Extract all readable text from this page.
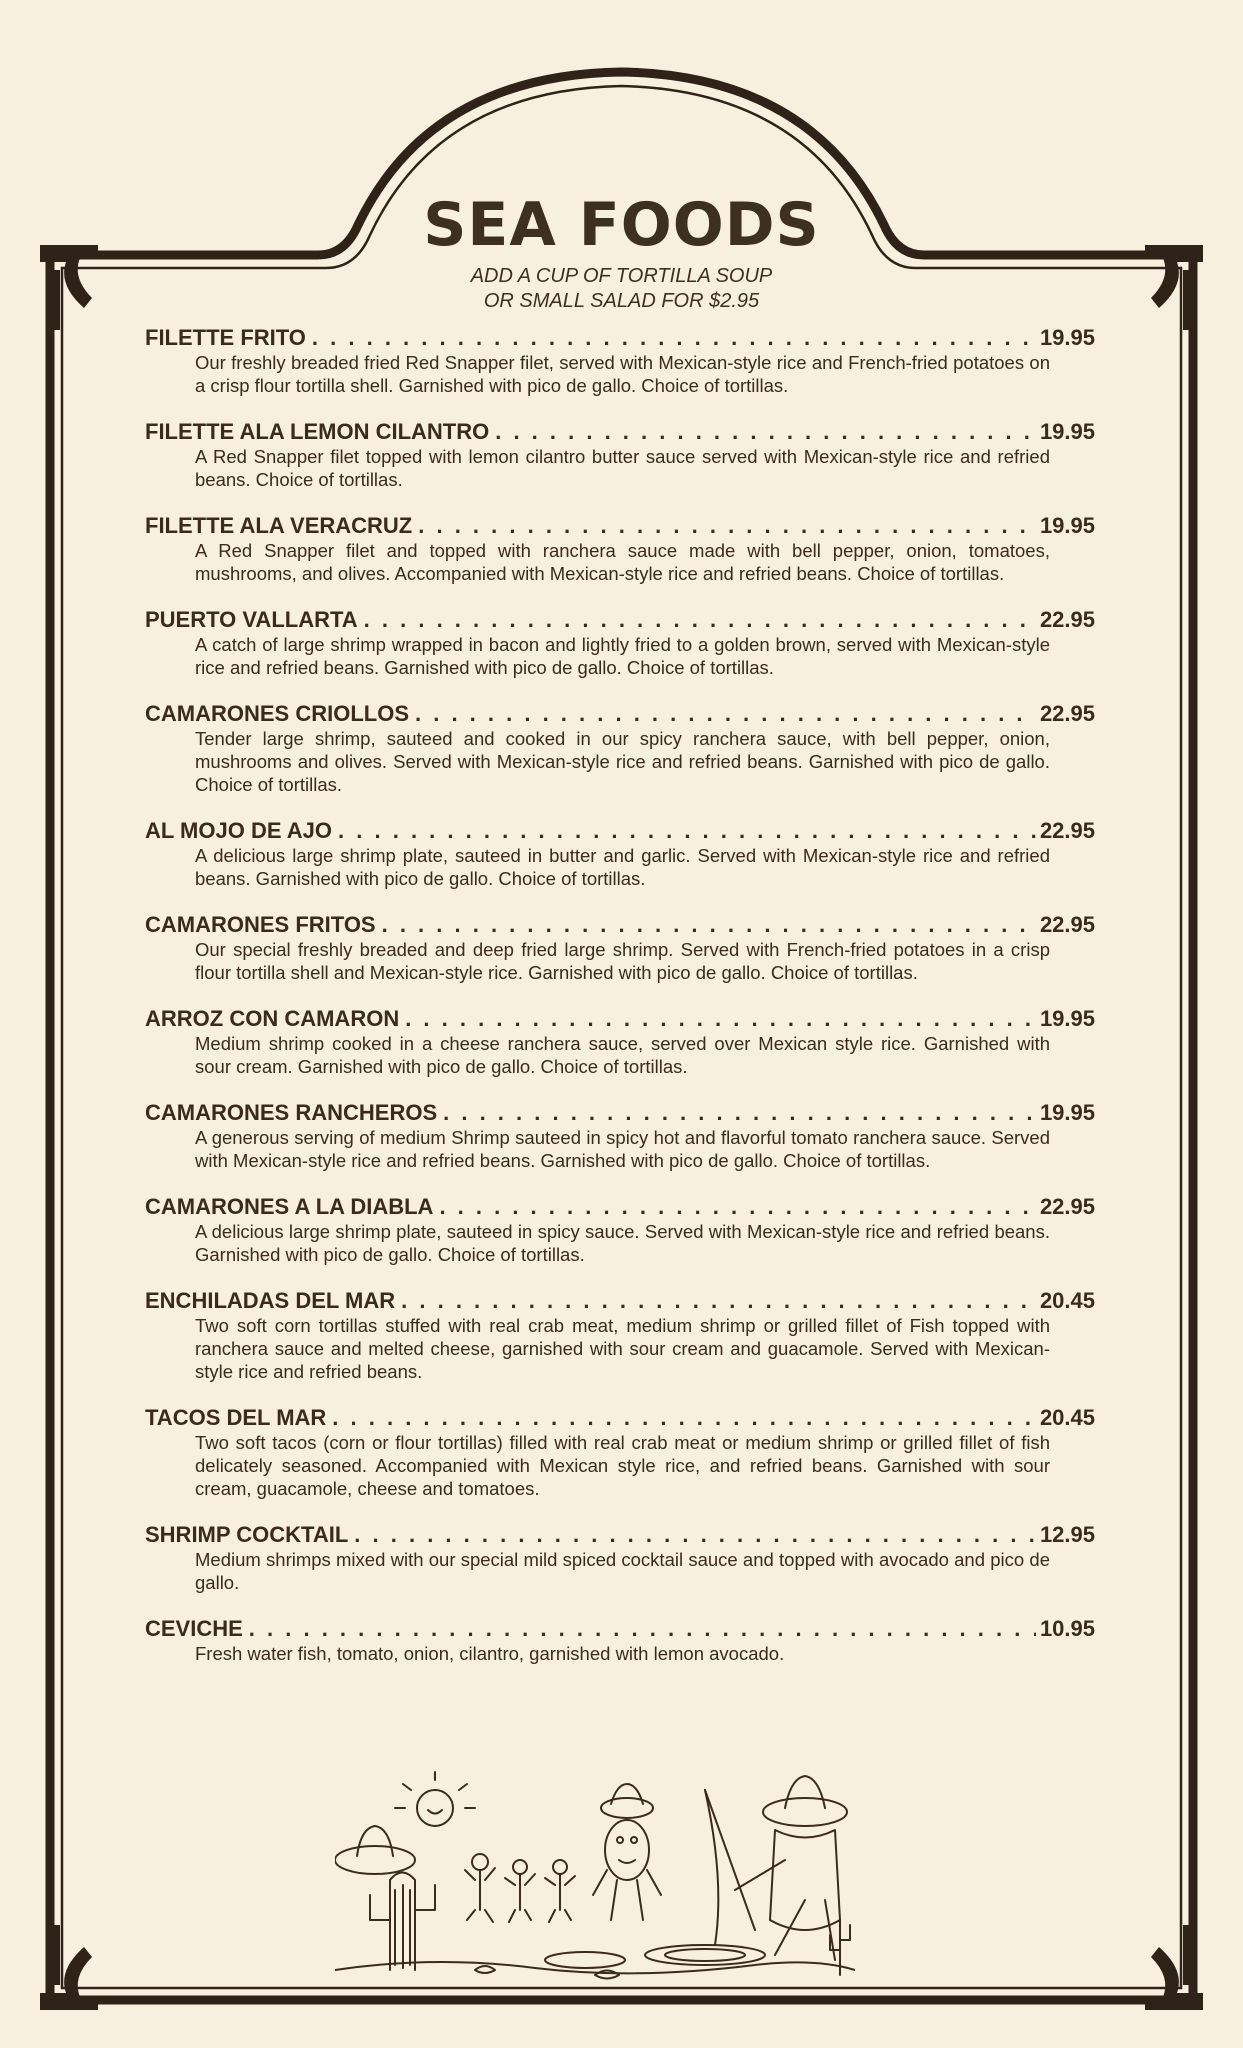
SEA FOODS
ADD A CUP OF TORTILLA SOUP
OR SMALL SALAD FOR $2.95
FILETTE FRITO . . .	19.95
Our freshly breaded fried Red Snapper filet, served with Mexican-style rice and French-fried potatoes on a crisp flour tortilla shell. Garnished with pico de gallo. Choice of tortillas.
FILETTE ALA LEMON CILANTRO . . .	19.95
A Red Snapper filet topped with lemon cilantro butter sauce served with Mexican-style rice and refried beans. Choice of tortillas.
FILETTE ALA VERACRUZ . . .	19.95
A Red Snapper filet and topped with ranchera sauce made with bell pepper, onion, tomatoes, mushrooms, and olives. Accompanied with Mexican-style rice and refried beans. Choice of tortillas.
PUERTO VALLARTA . . .	22.95
A catch of large shrimp wrapped in bacon and lightly fried to a golden brown, served with Mexican-style rice and refried beans. Garnished with pico de gallo. Choice of tortillas.
CAMARONES CRIOLLOS . . .	22.95
Tender large shrimp, sauteed and cooked in our spicy ranchera sauce, with bell pepper, onion, mushrooms and olives. Served with Mexican-style rice and refried beans. Garnished with pico de gallo. Choice of tortillas.
AL MOJO DE AJO . . .	22.95
A delicious large shrimp plate, sauteed in butter and garlic. Served with Mexican-style rice and refried beans. Garnished with pico de gallo. Choice of tortillas.
CAMARONES FRITOS . . .	22.95
Our special freshly breaded and deep fried large shrimp. Served with French-fried potatoes in a crisp flour tortilla shell and Mexican-style rice. Garnished with pico de gallo. Choice of tortillas.
ARROZ CON CAMARON . . .	19.95
Medium shrimp cooked in a cheese ranchera sauce, served over Mexican style rice. Garnished with sour cream. Garnished with pico de gallo. Choice of tortillas.
CAMARONES RANCHEROS . . .	19.95
A generous serving of medium Shrimp sauteed in spicy hot and flavorful tomato ranchera sauce. Served with Mexican-style rice and refried beans. Garnished with pico de gallo. Choice of tortillas.
CAMARONES A LA DIABLA . . .	22.95
A delicious large shrimp plate, sauteed in spicy sauce. Served with Mexican-style rice and refried beans. Garnished with pico de gallo. Choice of tortillas.
ENCHILADAS DEL MAR . . .	20.45
Two soft corn tortillas stuffed with real crab meat, medium shrimp or grilled fillet of Fish topped with ranchera sauce and melted cheese, garnished with sour cream and guacamole. Served with Mexican-style rice and refried beans.
TACOS DEL MAR . . .	20.45
Two soft tacos (corn or flour tortillas) filled with real crab meat or medium shrimp or grilled fillet of fish delicately seasoned. Accompanied with Mexican style rice, and refried beans. Garnished with sour cream, guacamole, cheese and tomatoes.
SHRIMP COCKTAIL . . .	12.95
Medium shrimps mixed with our special mild spiced cocktail sauce and topped with avocado and pico de gallo.
CEVICHE . . .	10.95
Fresh water fish, tomato, onion, cilantro, garnished with lemon avocado.
